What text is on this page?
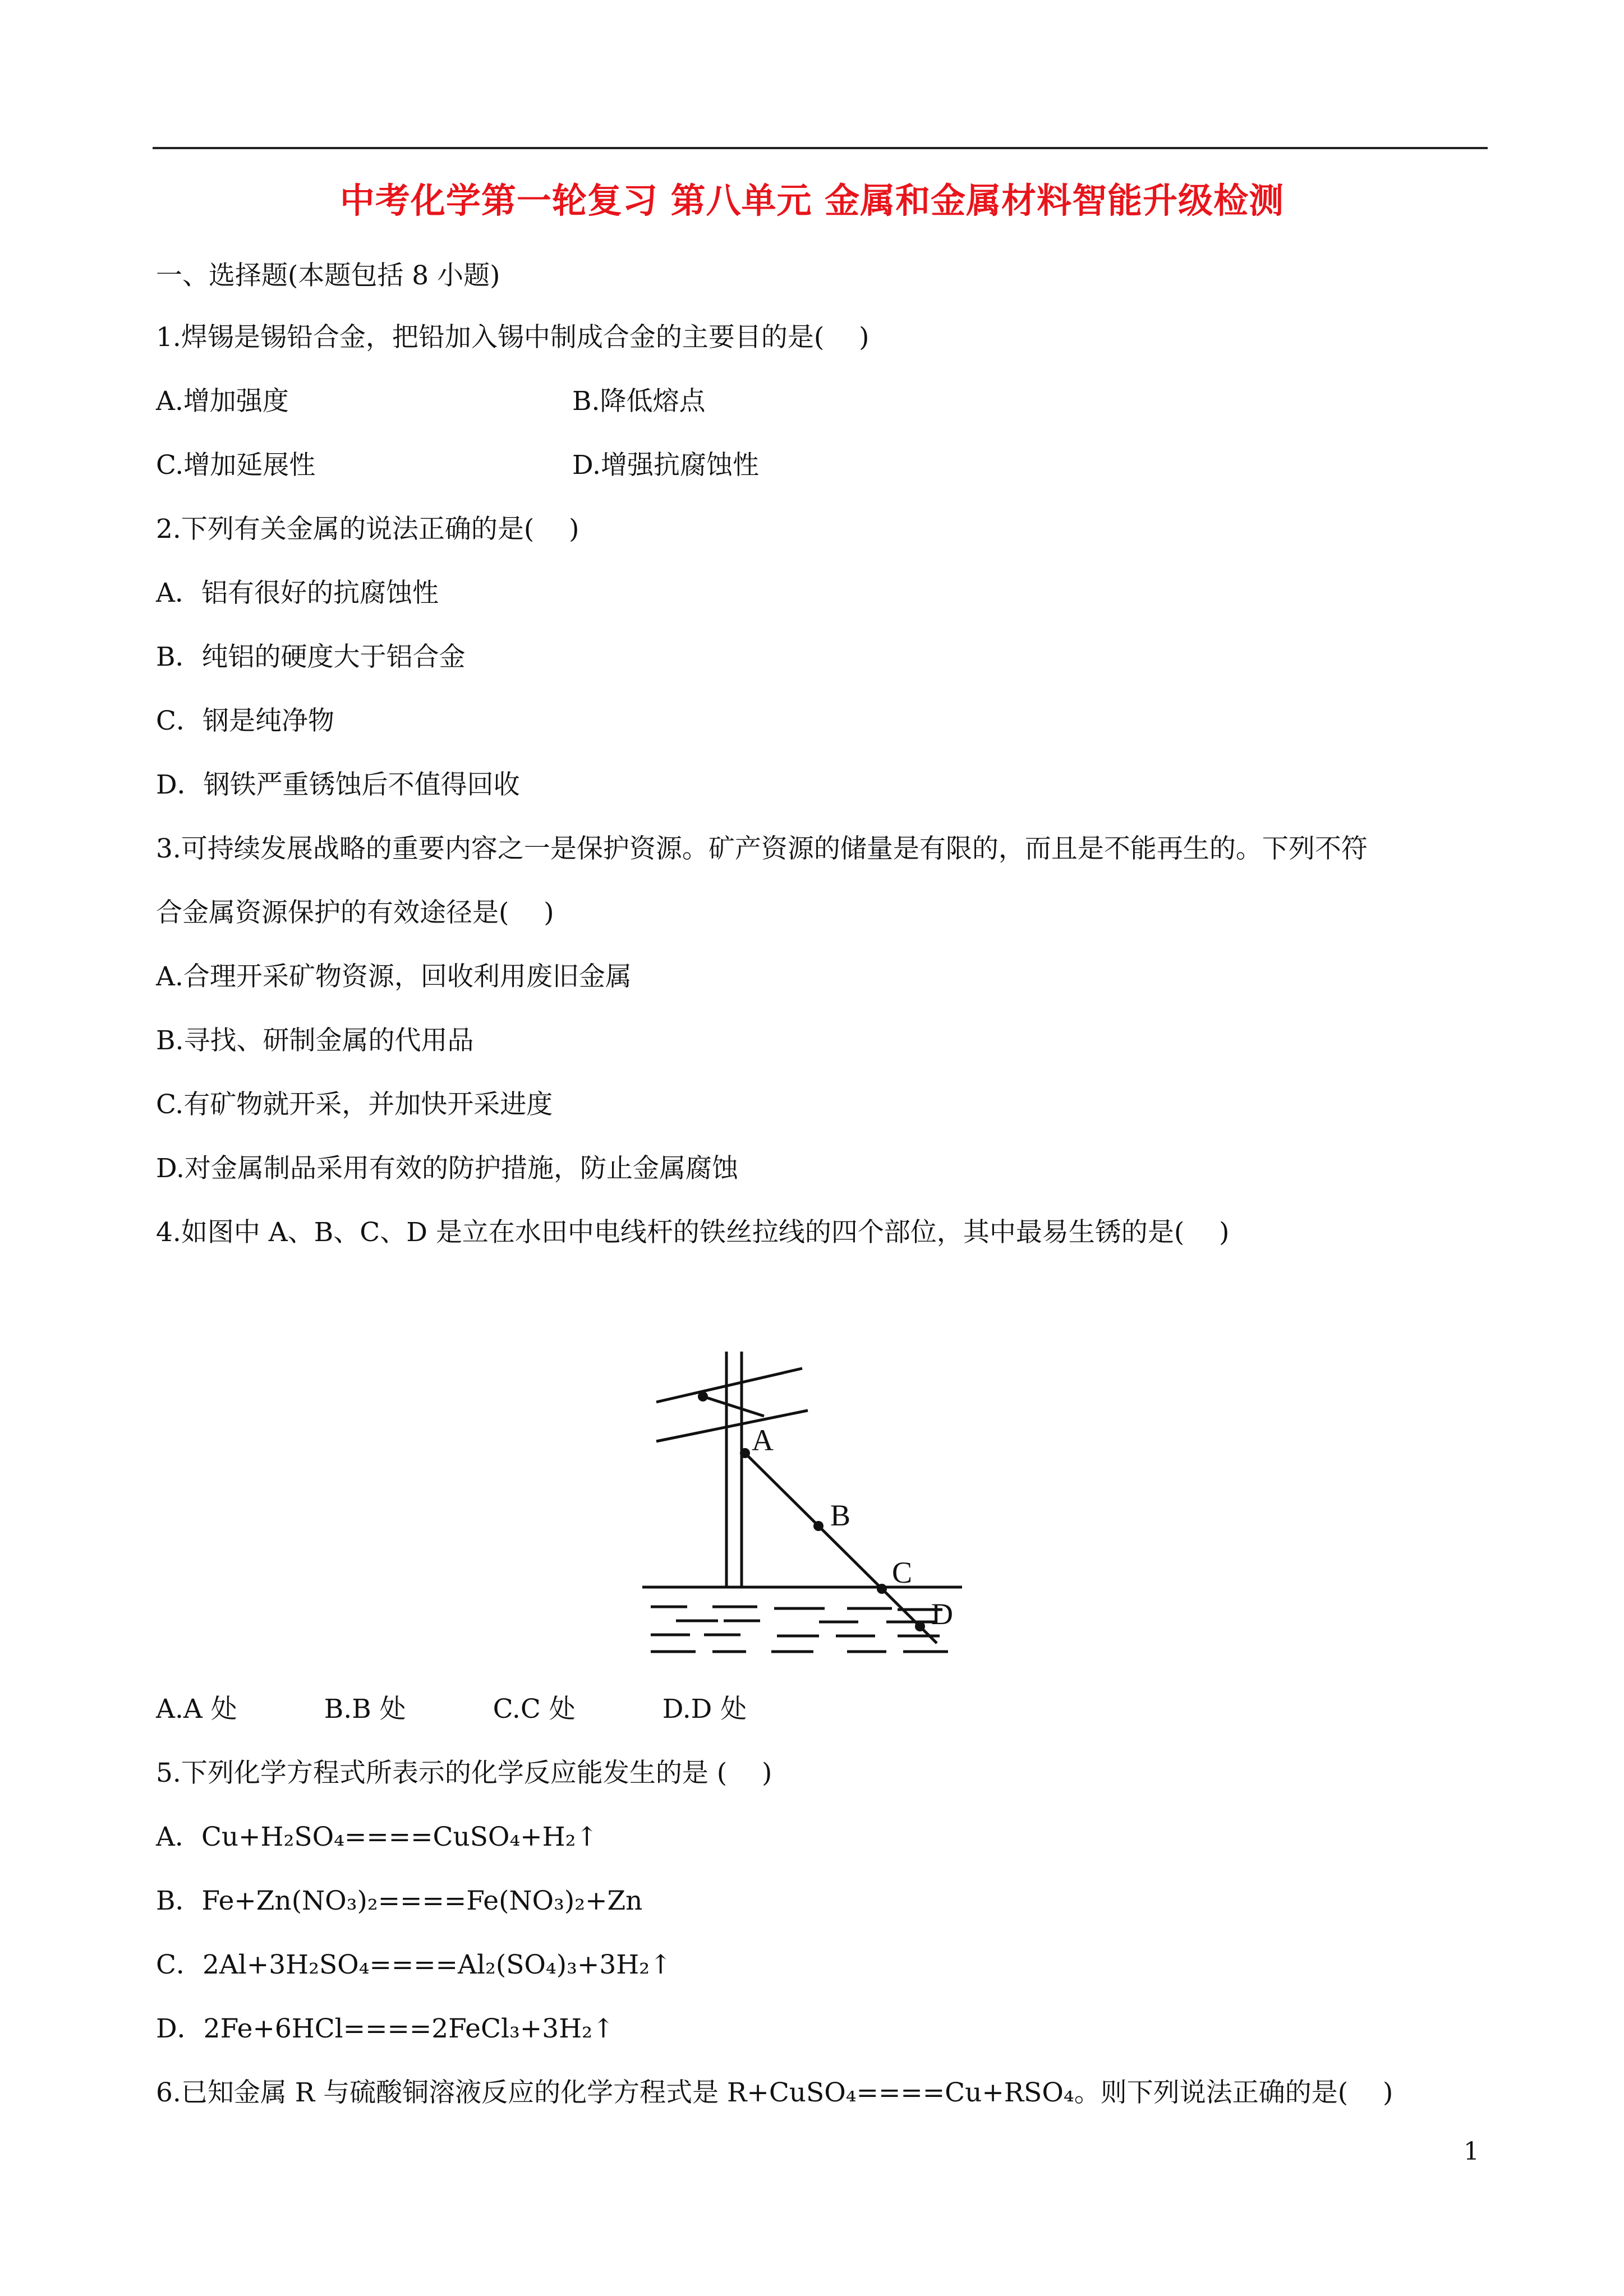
中考化学第一轮复习 第八单元 金属和金属材料智能升级检测
一、选择题(本题包括 8 小题)
1.焊锡是锡铅合金，把铅加入锡中制成合金的主要目的是(　 )
A.增加强度	B.降低熔点
C.增加延展性	D.增强抗腐蚀性
2.下列有关金属的说法正确的是(　 )
A．铝有很好的抗腐蚀性
B．纯铝的硬度大于铝合金
C．钢是纯净物
D．钢铁严重锈蚀后不值得回收
3.可持续发展战略的重要内容之一是保护资源。矿产资源的储量是有限的，而且是不能再生的。下列不符
合金属资源保护的有效途径是(　 )
A.合理开采矿物资源，回收利用废旧金属
B.寻找、研制金属的代用品
C.有矿物就开采，并加快开采进度
D.对金属制品采用有效的防护措施，防止金属腐蚀
4.如图中 A、B、C、D 是立在水田中电线杆的铁丝拉线的四个部位，其中最易生锈的是(　 )
A
B
C
D
A.A 处	B.B 处	C.C 处	D.D 处
5.下列化学方程式所表示的化学反应能发生的是 (　 )
A．Cu+H₂SO₄====CuSO₄+H₂↑
B．Fe+Zn(NO₃)₂====Fe(NO₃)₂+Zn
C．2Al+3H₂SO₄====Al₂(SO₄)₃+3H₂↑
D．2Fe+6HCl====2FeCl₃+3H₂↑
6.已知金属 R 与硫酸铜溶液反应的化学方程式是 R+CuSO₄====Cu+RSO₄。则下列说法正确的是(　 )
1
